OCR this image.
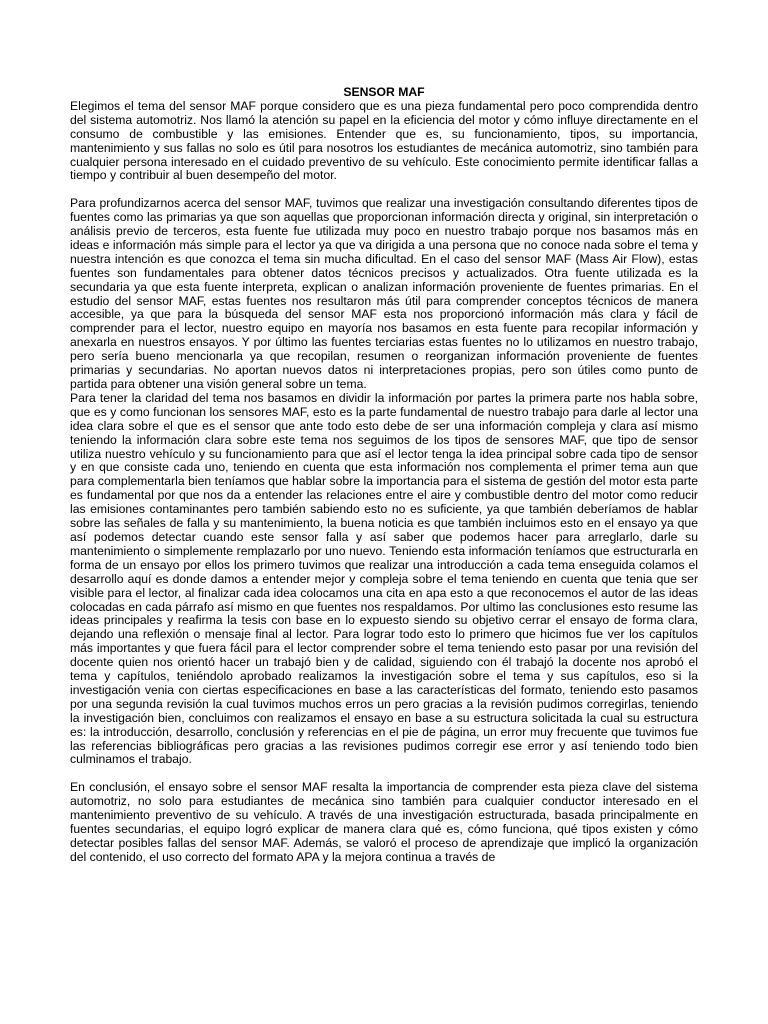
SENSOR MAF

Elegimos el tema del sensor MAF porque considero que es una pieza fundamental pero poco comprendida dentro del sistema automotriz. Nos llamó la atención su papel en la eficiencia del motor y cómo influye directamente en el consumo de combustible y las emisiones. Entender que es, su funcionamiento, tipos, su importancia, mantenimiento y sus fallas no solo es útil para nosotros los estudiantes de mecánica automotriz, sino también para cualquier persona interesado en el cuidado preventivo de su vehículo. Este conocimiento permite identificar fallas a tiempo y contribuir al buen desempeño del motor.

Para profundizarnos acerca del sensor MAF, tuvimos que realizar una investigación consultando diferentes tipos de fuentes como las primarias ya que son aquellas que proporcionan información directa y original, sin interpretación o análisis previo de terceros, esta fuente fue utilizada muy poco en nuestro trabajo porque nos basamos más en ideas e información más simple para el lector ya que va dirigida a una persona que no conoce nada sobre el tema y nuestra intención es que conozca el tema sin mucha dificultad. En el caso del sensor MAF (Mass Air Flow), estas fuentes son fundamentales para obtener datos técnicos precisos y actualizados. Otra fuente utilizada es la secundaria ya que esta fuente interpreta, explican o analizan información proveniente de fuentes primarias. En el estudio del sensor MAF, estas fuentes nos resultaron más útil para comprender conceptos técnicos de manera accesible, ya que para la búsqueda del sensor MAF esta nos proporcionó información más clara y fácil de comprender para el lector, nuestro equipo en mayoría nos basamos en esta fuente para recopilar información y anexarla en nuestros ensayos. Y por último las fuentes terciarias estas fuentes no lo utilizamos en nuestro trabajo, pero sería bueno mencionarla ya que recopilan, resumen o reorganizan información proveniente de fuentes primarias y secundarias. No aportan nuevos datos ni interpretaciones propias, pero son útiles como punto de partida para obtener una visión general sobre un tema.

Para tener la claridad del tema nos basamos en dividir la información por partes la primera parte nos habla sobre, que es y como funcionan los sensores MAF, esto es la parte fundamental de nuestro trabajo para darle al lector una idea clara sobre el que es el sensor que ante todo esto debe de ser una información compleja y clara así mismo teniendo la información clara sobre este tema nos seguimos de los tipos de sensores MAF, que tipo de sensor utiliza nuestro vehículo y su funcionamiento para que así el lector tenga la idea principal sobre cada tipo de sensor y en que consiste cada uno, teniendo en cuenta que esta información nos complementa el primer tema aun que para complementarla bien teníamos que hablar sobre la importancia para el sistema de gestión del motor esta parte es fundamental por que nos da a entender las relaciones entre el aire y combustible dentro del motor como reducir las emisiones contaminantes pero también sabiendo esto no es suficiente, ya que también deberíamos de hablar sobre las señales de falla y su mantenimiento, la buena noticia es que también incluimos esto en el ensayo ya que así podemos detectar cuando este sensor falla y así saber que podemos hacer para arreglarlo, darle su mantenimiento o simplemente remplazarlo por uno nuevo. Teniendo esta información teníamos que estructurarla en forma de un ensayo por ellos los primero tuvimos que realizar una introducción a cada tema enseguida colamos el desarrollo aquí es donde damos a entender mejor y compleja sobre el tema teniendo en cuenta que tenia que ser visible para el lector, al finalizar cada idea colocamos una cita en apa esto a que reconocemos el autor de las ideas colocadas en cada párrafo así mismo en que fuentes nos respaldamos. Por ultimo las conclusiones esto resume las ideas principales y reafirma la tesis con base en lo expuesto siendo su objetivo cerrar el ensayo de forma clara, dejando una reflexión o mensaje final al lector. Para lograr todo esto lo primero que hicimos fue ver los capítulos más importantes y que fuera fácil para el lector comprender sobre el tema teniendo esto pasar por una revisión del docente quien nos orientó hacer un trabajó bien y de calidad, siguiendo con él trabajó la docente nos aprobó el tema y capítulos, teniéndolo aprobado realizamos la investigación sobre el tema y sus capítulos, eso si la investigación venia con ciertas especificaciones en base a las características del formato, teniendo esto pasamos por una segunda revisión la cual tuvimos muchos erros un pero gracias a la revisión pudimos corregirlas, teniendo la investigación bien, concluimos con realizamos el ensayo en base a su estructura solicitada la cual su estructura es: la introducción, desarrollo, conclusión y referencias en el pie de página, un error muy frecuente que tuvimos fue las referencias bibliográficas pero gracias a las revisiones pudimos corregir ese error y así teniendo todo bien culminamos el trabajo.

En conclusión, el ensayo sobre el sensor MAF resalta la importancia de comprender esta pieza clave del sistema automotriz, no solo para estudiantes de mecánica sino también para cualquier conductor interesado en el mantenimiento preventivo de su vehículo. A través de una investigación estructurada, basada principalmente en fuentes secundarias, el equipo logró explicar de manera clara qué es, cómo funciona, qué tipos existen y cómo detectar posibles fallas del sensor MAF. Además, se valoró el proceso de aprendizaje que implicó la organización del contenido, el uso correcto del formato APA y la mejora continua a través de
